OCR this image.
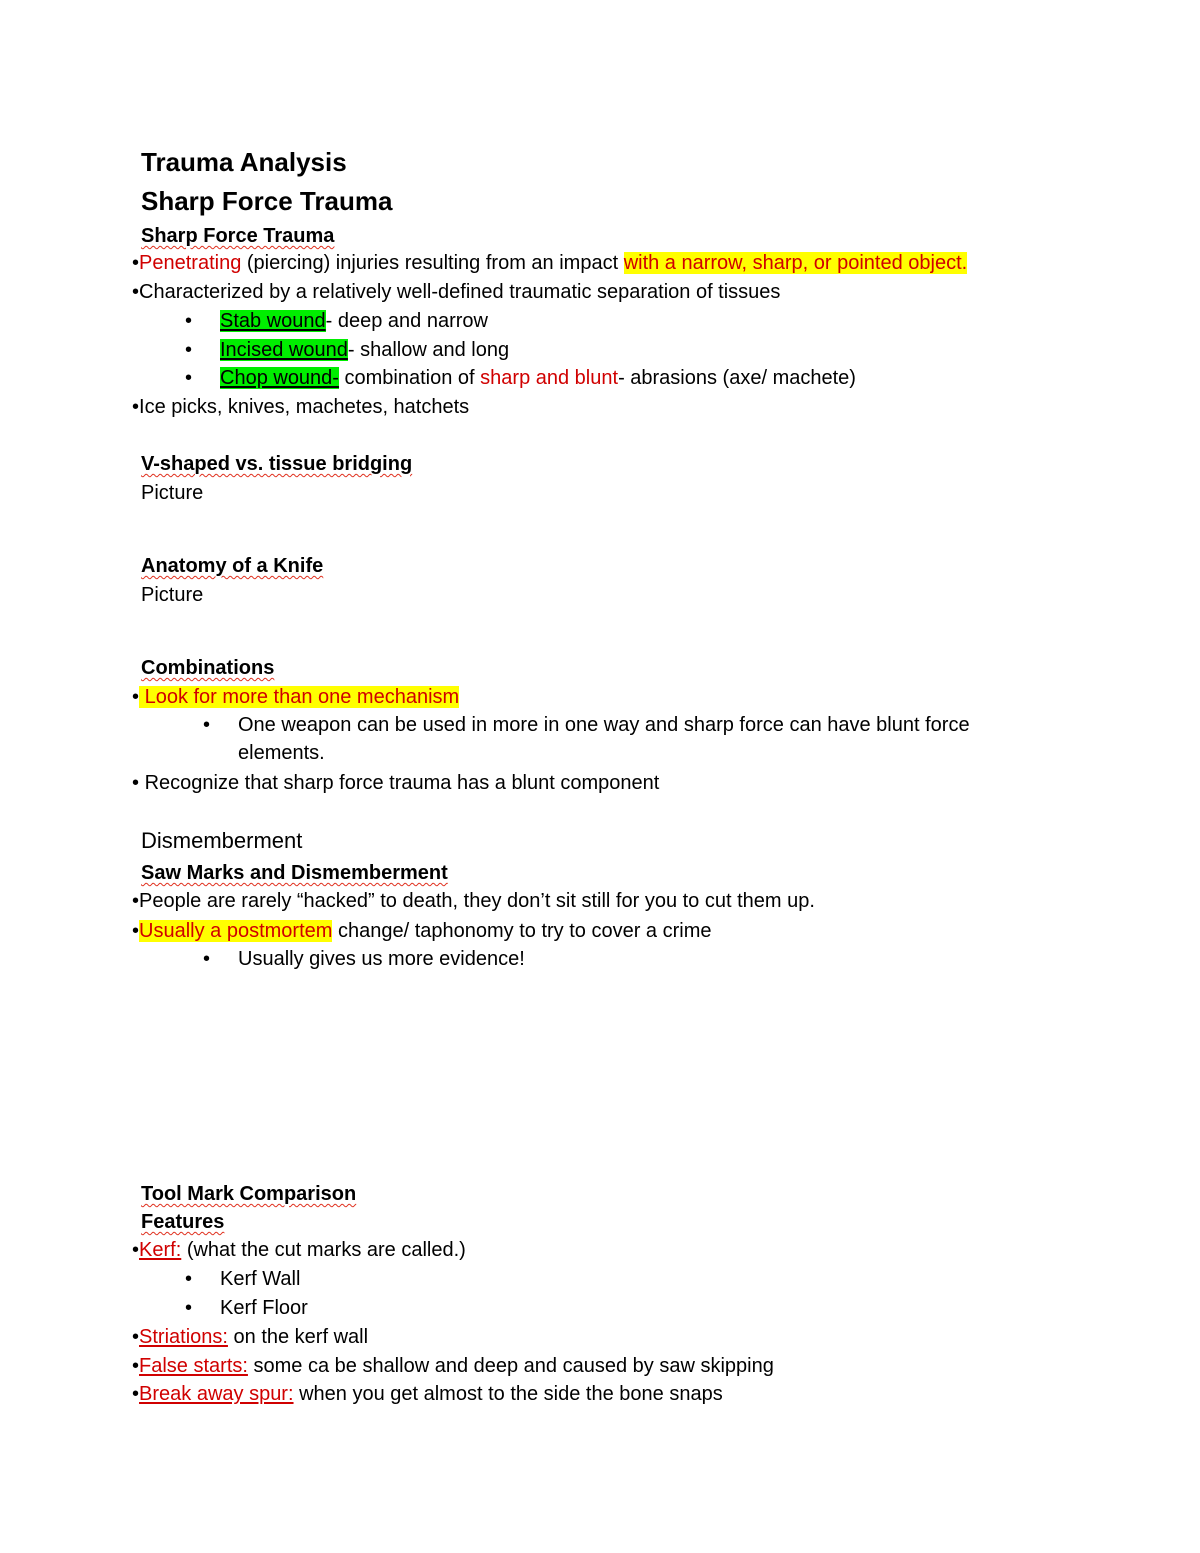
Trauma Analysis
Sharp Force Trauma
Sharp Force Trauma
•Penetrating (piercing) injuries resulting from an impact with a narrow, sharp, or pointed object.
•Characterized by a relatively well-defined traumatic separation of tissues
• Stab wound- deep and narrow
• Incised wound- shallow and long
• Chop wound- combination of sharp and blunt- abrasions (axe/ machete)
•Ice picks, knives, machetes, hatchets
V-shaped vs. tissue bridging
Picture
Anatomy of a Knife
Picture
Combinations
• Look for more than one mechanism
• One weapon can be used in more in one way and sharp force can have blunt force
elements.
• Recognize that sharp force trauma has a blunt component
Dismemberment
Saw Marks and Dismemberment
•People are rarely “hacked” to death, they don’t sit still for you to cut them up.
•Usually a postmortem change/ taphonomy to try to cover a crime
• Usually gives us more evidence!
Tool Mark Comparison
Features
•Kerf: (what the cut marks are called.)
• Kerf Wall
• Kerf Floor
•Striations: on the kerf wall
•False starts: some ca be shallow and deep and caused by saw skipping
•Break away spur: when you get almost to the side the bone snaps
